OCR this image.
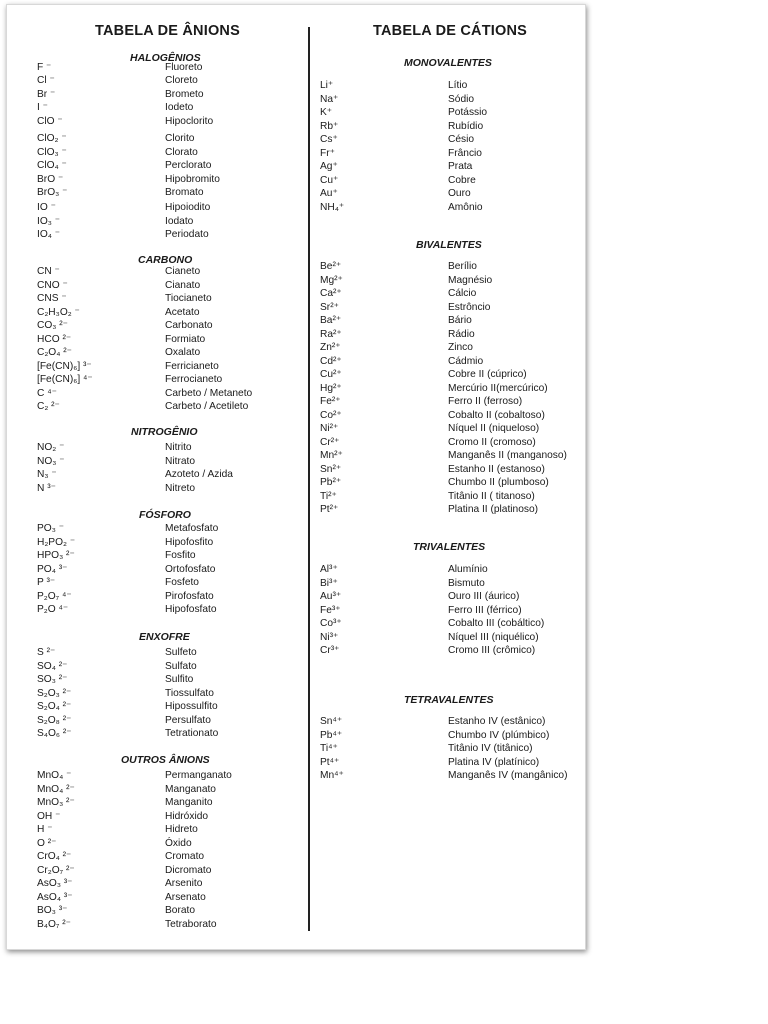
TABELA DE ÂNIONS
HALOGÊNIOS
F ⁻	Fluoreto
Cl ⁻	Cloreto
Br ⁻	Brometo
I ⁻	Iodeto
ClO ⁻	Hipoclorito
ClO₂ ⁻	Clorito
ClO₃ ⁻	Clorato
ClO₄ ⁻	Perclorato
BrO ⁻	Hipobromito
BrO₃ ⁻	Bromato
IO ⁻	Hipoiodito
IO₃ ⁻	Iodato
IO₄ ⁻	Periodato
CARBONO
CN ⁻	Cianeto
CNO ⁻	Cianato
CNS ⁻	Tiocianeto
C₂H₃O₂ ⁻	Acetato
CO₃ ²⁻	Carbonato
HCO ²⁻	Formiato
C₂O₄ ²⁻	Oxalato
[Fe(CN)₆] ³⁻	Ferricianeto
[Fe(CN)₆] ⁴⁻	Ferrocianeto
C ⁴⁻	Carbeto / Metaneto
C₂ ²⁻	Carbeto / Acetileto
NITROGÊNIO
NO₂ ⁻	Nitrito
NO₃ ⁻	Nitrato
N₃ ⁻	Azoteto / Azida
N ³⁻	Nitreto
FÓSFORO
PO₃ ⁻	Metafosfato
H₂PO₂ ⁻	Hipofosfito
HPO₃ ²⁻	Fosfito
PO₄ ³⁻	Ortofosfato
P ³⁻	Fosfeto
P₂O₇ ⁴⁻	Pirofosfato
P₂O ⁴⁻	Hipofosfato
ENXOFRE
S ²⁻	Sulfeto
SO₄ ²⁻	Sulfato
SO₃ ²⁻	Sulfito
S₂O₃ ²⁻	Tiossulfato
S₂O₄ ²⁻	Hipossulfito
S₂O₈ ²⁻	Persulfato
S₄O₆ ²⁻	Tetrationato
OUTROS ÂNIONS
MnO₄ ⁻	Permanganato
MnO₄ ²⁻	Manganato
MnO₃ ²⁻	Manganito
OH ⁻	Hidróxido
H ⁻	Hidreto
O ²⁻	Óxido
CrO₄ ²⁻	Cromato
Cr₂O₇ ²⁻	Dicromato
AsO₃ ³⁻	Arsenito
AsO₄ ³⁻	Arsenato
BO₃ ³⁻	Borato
B₄O₇ ²⁻	Tetraborato
TABELA DE CÁTIONS
MONOVALENTES
Li⁺	Lítio
Na⁺	Sódio
K⁺	Potássio
Rb⁺	Rubídio
Cs⁺	Césio
Fr⁺	Frâncio
Ag⁺	Prata
Cu⁺	Cobre
Au⁺	Ouro
NH₄⁺	Amônio
BIVALENTES
Be²⁺	Berílio
Mg²⁺	Magnésio
Ca²⁺	Cálcio
Sr²⁺	Estrôncio
Ba²⁺	Bário
Ra²⁺	Rádio
Zn²⁺	Zinco
Cd²⁺	Cádmio
Cu²⁺	Cobre II (cúprico)
Hg²⁺	Mercúrio II(mercúrico)
Fe²⁺	Ferro II (ferroso)
Co²⁺	Cobalto II (cobaltoso)
Ni²⁺	Níquel II (niqueloso)
Cr²⁺	Cromo II (cromoso)
Mn²⁺	Manganês II (manganoso)
Sn²⁺	Estanho II (estanoso)
Pb²⁺	Chumbo II (plumboso)
Ti²⁺	Titânio II ( titanoso)
Pt²⁺	Platina II (platinoso)
TRIVALENTES
Al³⁺	Alumínio
Bi³⁺	Bismuto
Au³⁺	Ouro III (áurico)
Fe³⁺	Ferro III (férrico)
Co³⁺	Cobalto III (cobáltico)
Ni³⁺	Níquel III (niquélico)
Cr³⁺	Cromo III (crômico)
TETRAVALENTES
Sn⁴⁺	Estanho IV (estânico)
Pb⁴⁺	Chumbo IV (plúmbico)
Ti⁴⁺	Titânio IV (titânico)
Pt⁴⁺	Platina IV (platínico)
Mn⁴⁺	Manganês IV (mangânico)
